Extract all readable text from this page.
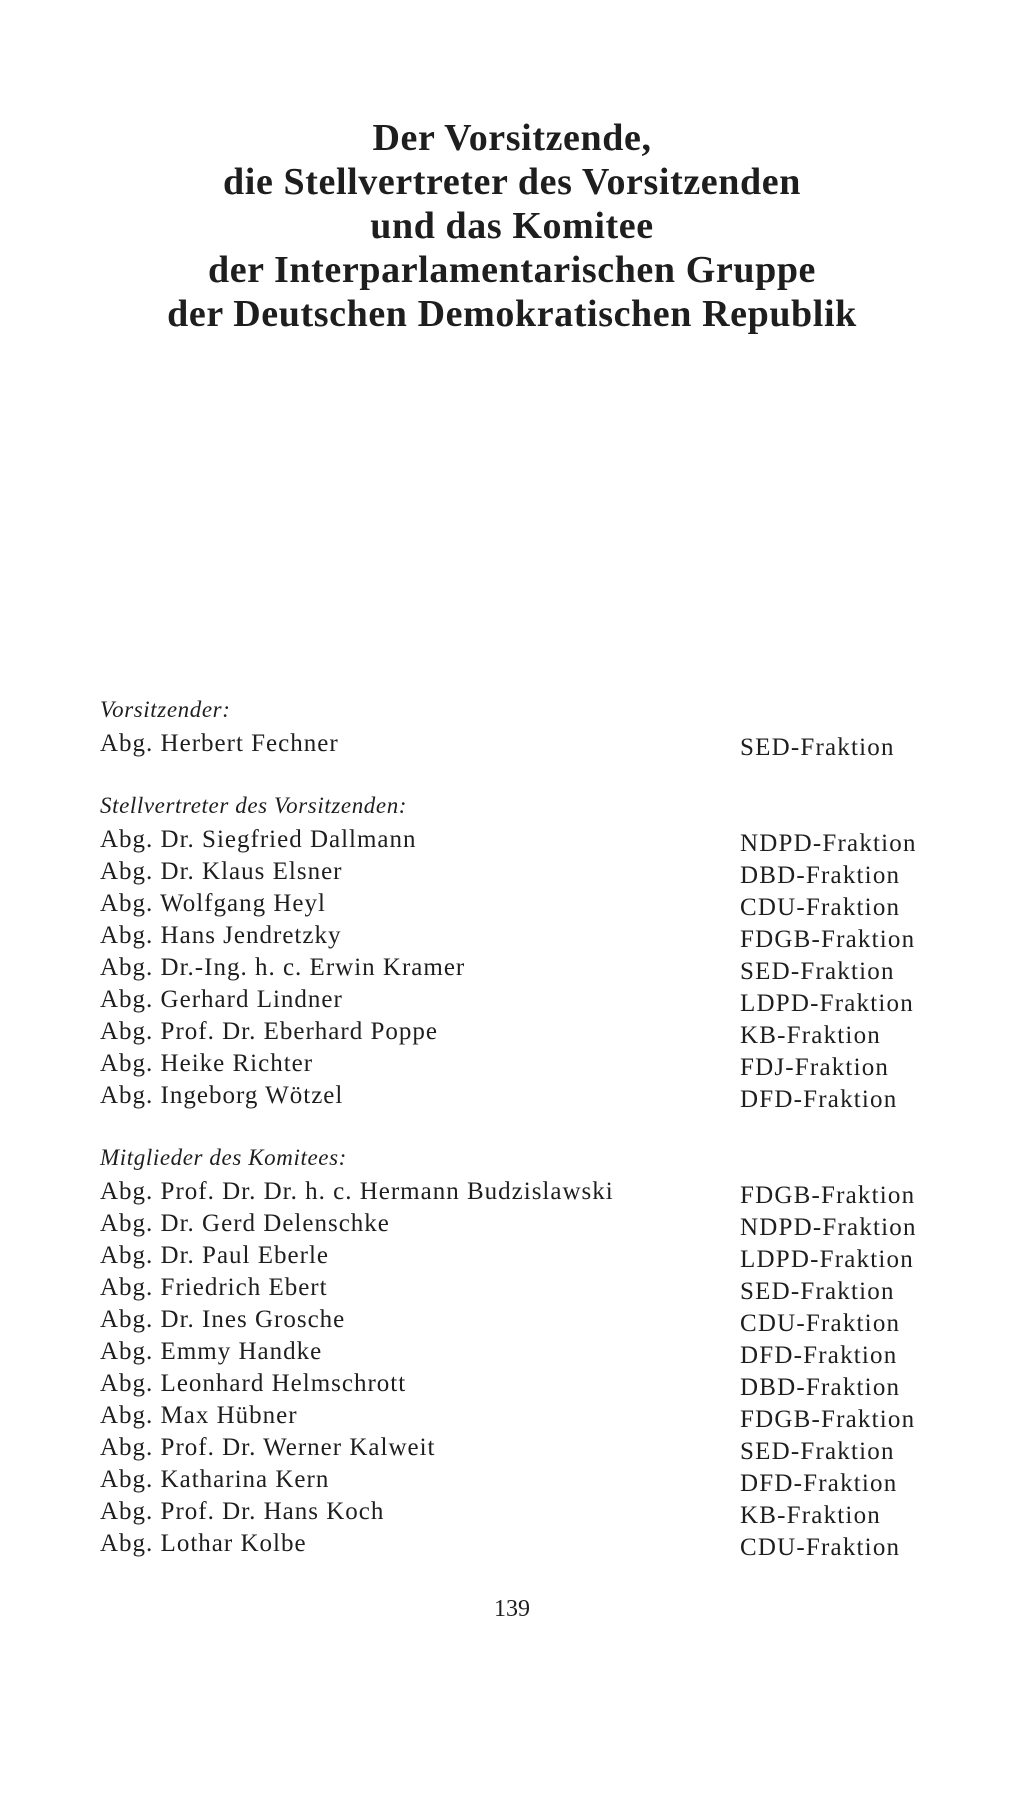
Der Vorsitzende,
die Stellvertreter des Vorsitzenden
und das Komitee
der Interparlamentarischen Gruppe
der Deutschen Demokratischen Republik
Vorsitzender:
Abg. Herbert Fechner	SED-Fraktion
Stellvertreter des Vorsitzenden:
Abg. Dr. Siegfried Dallmann	NDPD-Fraktion
Abg. Dr. Klaus Elsner	DBD-Fraktion
Abg. Wolfgang Heyl	CDU-Fraktion
Abg. Hans Jendretzky	FDGB-Fraktion
Abg. Dr.-Ing. h. c. Erwin Kramer	SED-Fraktion
Abg. Gerhard Lindner	LDPD-Fraktion
Abg. Prof. Dr. Eberhard Poppe	KB-Fraktion
Abg. Heike Richter	FDJ-Fraktion
Abg. Ingeborg Wötzel	DFD-Fraktion
Mitglieder des Komitees:
Abg. Prof. Dr. Dr. h. c. Hermann Budzislawski	FDGB-Fraktion
Abg. Dr. Gerd Delenschke	NDPD-Fraktion
Abg. Dr. Paul Eberle	LDPD-Fraktion
Abg. Friedrich Ebert	SED-Fraktion
Abg. Dr. Ines Grosche	CDU-Fraktion
Abg. Emmy Handke	DFD-Fraktion
Abg. Leonhard Helmschrott	DBD-Fraktion
Abg. Max Hübner	FDGB-Fraktion
Abg. Prof. Dr. Werner Kalweit	SED-Fraktion
Abg. Katharina Kern	DFD-Fraktion
Abg. Prof. Dr. Hans Koch	KB-Fraktion
Abg. Lothar Kolbe	CDU-Fraktion
139
